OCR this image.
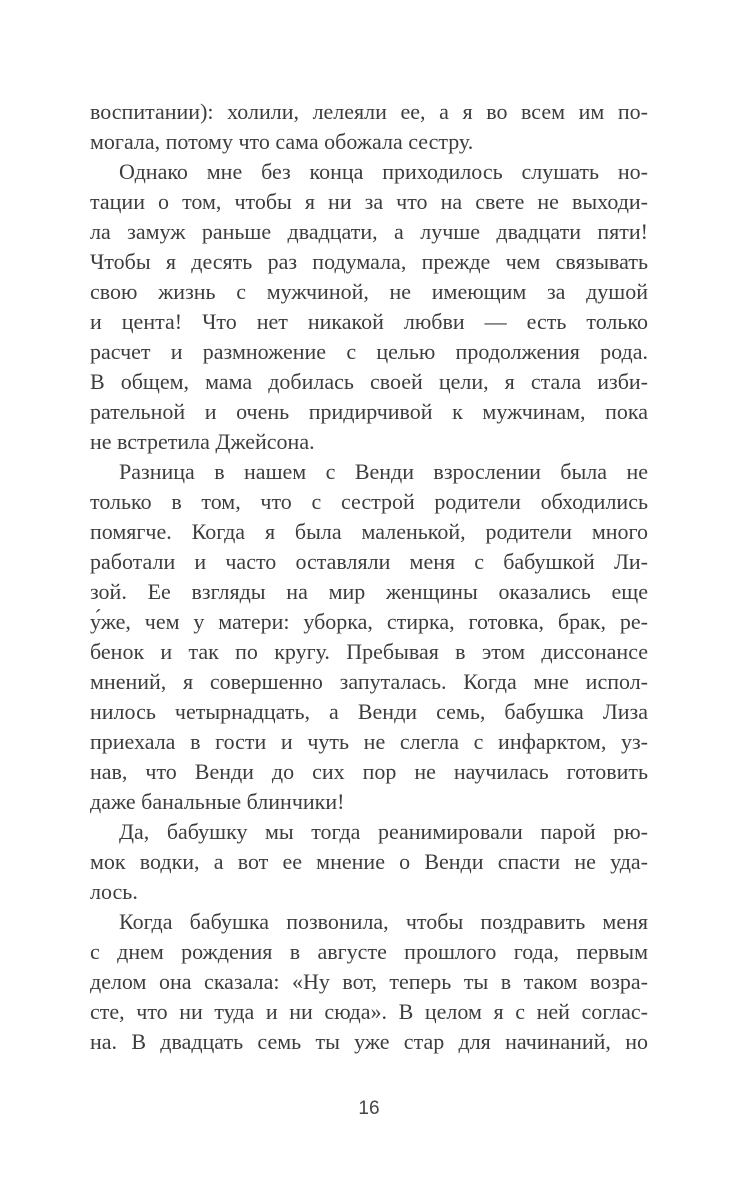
воспитании): холили, лелеяли ее, а я во всем им по-
могала, потому что сама обожала сестру.
Однако мне без конца приходилось слушать но-
тации о том, чтобы я ни за что на свете не выходи-
ла замуж раньше двадцати, а лучше двадцати пяти!
Чтобы я десять раз подумала, прежде чем связывать
свою жизнь с мужчиной, не имеющим за душой
и цента! Что нет никакой любви — есть только
расчет и размножение с целью продолжения рода.
В общем, мама добилась своей цели, я стала изби-
рательной и очень придирчивой к мужчинам, пока
не встретила Джейсона.
Разница в нашем с Венди взрослении была не
только в том, что с сестрой родители обходились
помягче. Когда я была маленькой, родители много
работали и часто оставляли меня с бабушкой Ли-
зой. Ее взгляды на мир женщины оказались еще
у́же, чем у матери: уборка, стирка, готовка, брак, ре-
бенок и так по кругу. Пребывая в этом диссонансе
мнений, я совершенно запуталась. Когда мне испол-
нилось четырнадцать, а Венди семь, бабушка Лиза
приехала в гости и чуть не слегла с инфарктом, уз-
нав, что Венди до сих пор не научилась готовить
даже банальные блинчики!
Да, бабушку мы тогда реанимировали парой рю-
мок водки, а вот ее мнение о Венди спасти не уда-
лось.
Когда бабушка позвонила, чтобы поздравить меня
с днем рождения в августе прошлого года, первым
делом она сказала: «Ну вот, теперь ты в таком возра-
сте, что ни туда и ни сюда». В целом я с ней соглас-
на. В двадцать семь ты уже стар для начинаний, но
16
